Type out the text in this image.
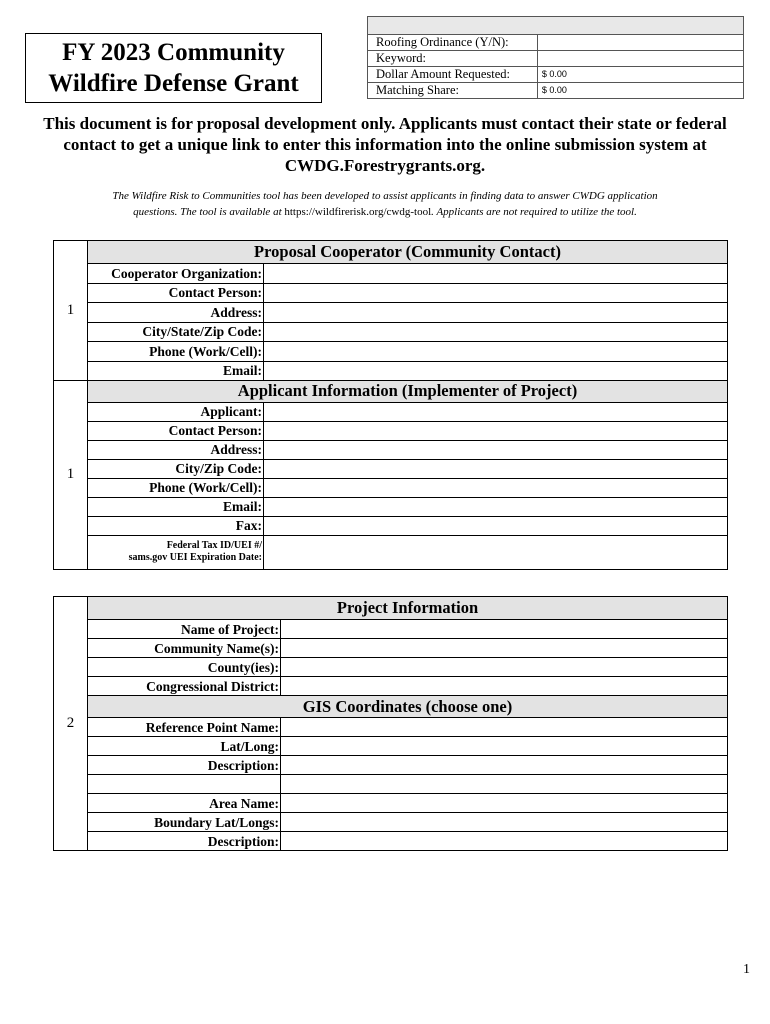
FY 2023 Community
Wildfire Defense Grant

Roofing Ordinance (Y/N):	
Keyword:	
Dollar Amount Requested:	$ 0.00
Matching Share:	$ 0.00
This document is for proposal development only. Applicants must contact their state or federal contact to get a unique link to enter this information into the online submission system at CWDG.Forestrygrants.org.
The Wildfire Risk to Communities tool has been developed to assist applicants in finding data to answer CWDG application
questions. The tool is available at https://wildfirerisk.org/cwdg-tool. Applicants are not required to utilize the tool.
1	Proposal Cooperator (Community Contact)	
	Cooperator Organization:	
	Contact Person:	
	Address:	
	City/State/Zip Code:	
	Phone (Work/Cell):	
	Email:	
1	Applicant Information (Implementer of Project)	
	Applicant:	
	Contact Person:	
	Address:	
	City/Zip Code:	
	Phone (Work/Cell):	
	Email:	
	Fax:	

	Federal Tax ID/UEI #/
sams.gov UEI Expiration Date:	

2	Project Information	
	Name of Project:	
	Community Name(s):	
	County(ies):	
	Congressional District:	
	GIS Coordinates (choose one)	
	Reference Point Name:	
	Lat/Long:	
	Description:	

	Area Name:	
	Boundary Lat/Longs:	
	Description:	
1
